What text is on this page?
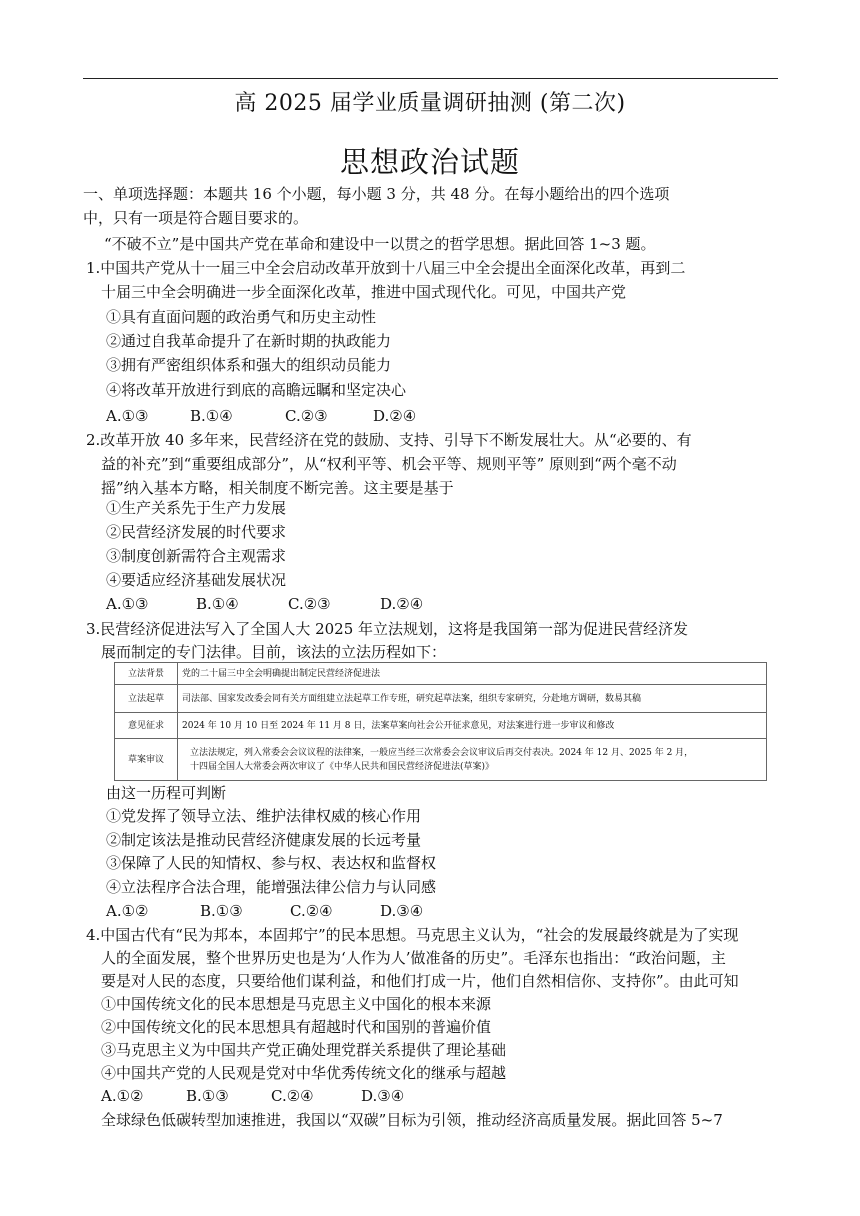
高 2025 届学业质量调研抽测 (第二次)
思想政治试题
一、单项选择题：本题共 16 个小题，每小题 3 分，共 48 分。在每小题给出的四个选项
中，只有一项是符合题目要求的。
“不破不立”是中国共产党在革命和建设中一以贯之的哲学思想。据此回答 1~3 题。
1.中国共产党从十一届三中全会启动改革开放到十八届三中全会提出全面深化改革，再到二
十届三中全会明确进一步全面深化改革，推进中国式现代化。可见，中国共产党
①具有直面问题的政治勇气和历史主动性
②通过自我革命提升了在新时期的执政能力
③拥有严密组织体系和强大的组织动员能力
④将改革开放进行到底的高瞻远瞩和坚定决心
A.①③	B.①④	C.②③	D.②④
2.改革开放 40 多年来，民营经济在党的鼓励、支持、引导下不断发展壮大。从“必要的、有
益的补充”到“重要组成部分”，从“权利平等、机会平等、规则平等” 原则到“两个毫不动
摇”纳入基本方略，相关制度不断完善。这主要是基于
①生产关系先于生产力发展
②民营经济发展的时代要求
③制度创新需符合主观需求
④要适应经济基础发展状况
A.①③	B.①④	C.②③	D.②④
3.民营经济促进法写入了全国人大 2025 年立法规划，这将是我国第一部为促进民营经济发
展而制定的专门法律。目前，该法的立法历程如下：
立法背景	党的二十届三中全会明确提出制定民营经济促进法
立法起草	司法部、国家发改委会同有关方面组建立法起草工作专班，研究起草法案，组织专家研究，分赴地方调研，数易其稿
意见征求	2024 年 10 月 10 日至 2024 年 11 月 8 日，法案草案向社会公开征求意见，对法案进行进一步审议和修改
草案审议	立法法规定，列入常委会会议议程的法律案，一般应当经三次常委会会议审议后再交付表决。2024 年 12 月、2025 年 2 月，
十四届全国人大常委会两次审议了《中华人民共和国民营经济促进法(草案)》
由这一历程可判断
①党发挥了领导立法、维护法律权威的核心作用
②制定该法是推动民营经济健康发展的长远考量
③保障了人民的知情权、参与权、表达权和监督权
④立法程序合法合理，能增强法律公信力与认同感
A.①②	B.①③	C.②④	D.③④
4.中国古代有“民为邦本，本固邦宁”的民本思想。马克思主义认为，“社会的发展最终就是为了实现
人的全面发展，整个世界历史也是为‘人作为人’做准备的历史”。毛泽东也指出：“政治问题，主
要是对人民的态度，只要给他们谋利益，和他们打成一片，他们自然相信你、支持你”。由此可知
①中国传统文化的民本思想是马克思主义中国化的根本来源
②中国传统文化的民本思想具有超越时代和国别的普遍价值
③马克思主义为中国共产党正确处理党群关系提供了理论基础
④中国共产党的人民观是党对中华优秀传统文化的继承与超越
A.①②	B.①③	C.②④	D.③④
全球绿色低碳转型加速推进，我国以“双碳”目标为引领，推动经济高质量发展。据此回答 5~7
